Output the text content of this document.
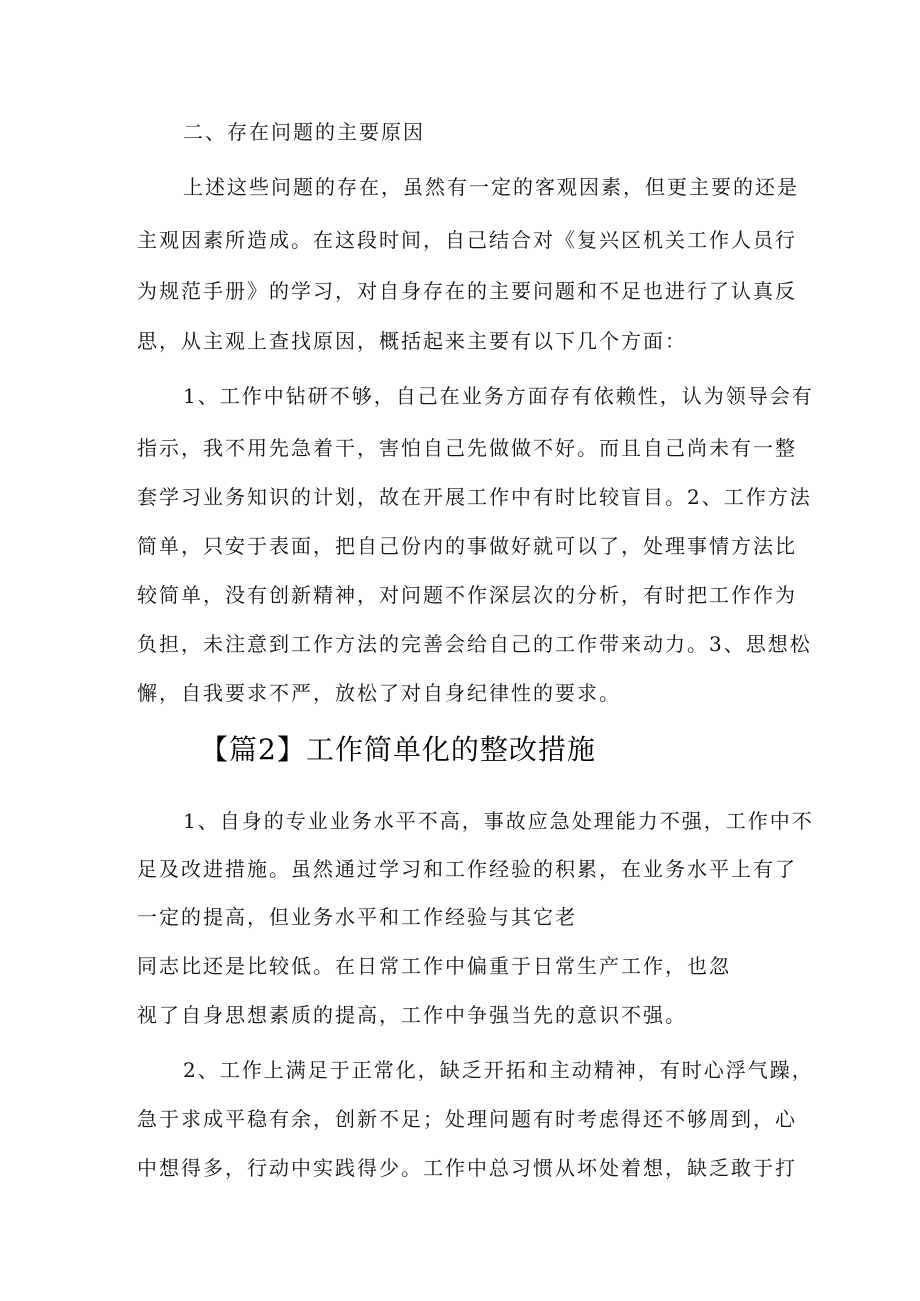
二、存在问题的主要原因
上述这些问题的存在，虽然有一定的客观因素，但更主要的还是
主观因素所造成。在这段时间，自己结合对《复兴区机关工作人员行
为规范手册》的学习，对自身存在的主要问题和不足也进行了认真反
思，从主观上查找原因，概括起来主要有以下几个方面：
1、工作中钻研不够，自己在业务方面存有依赖性，认为领导会有
指示，我不用先急着干，害怕自己先做做不好。而且自己尚未有一整
套学习业务知识的计划，故在开展工作中有时比较盲目。2、工作方法
简单，只安于表面，把自己份内的事做好就可以了，处理事情方法比
较简单，没有创新精神，对问题不作深层次的分析，有时把工作作为
负担，未注意到工作方法的完善会给自己的工作带来动力。3、思想松
懈，自我要求不严，放松了对自身纪律性的要求。
【篇2】工作简单化的整改措施
1、自身的专业业务水平不高，事故应急处理能力不强，工作中不
足及改进措施。虽然通过学习和工作经验的积累，在业务水平上有了
一定的提高，但业务水平和工作经验与其它老
同志比还是比较低。在日常工作中偏重于日常生产工作，也忽
视了自身思想素质的提高，工作中争强当先的意识不强。
2、工作上满足于正常化，缺乏开拓和主动精神，有时心浮气躁，
急于求成平稳有余，创新不足；处理问题有时考虑得还不够周到，心
中想得多，行动中实践得少。工作中总习惯从坏处着想，缺乏敢于打
